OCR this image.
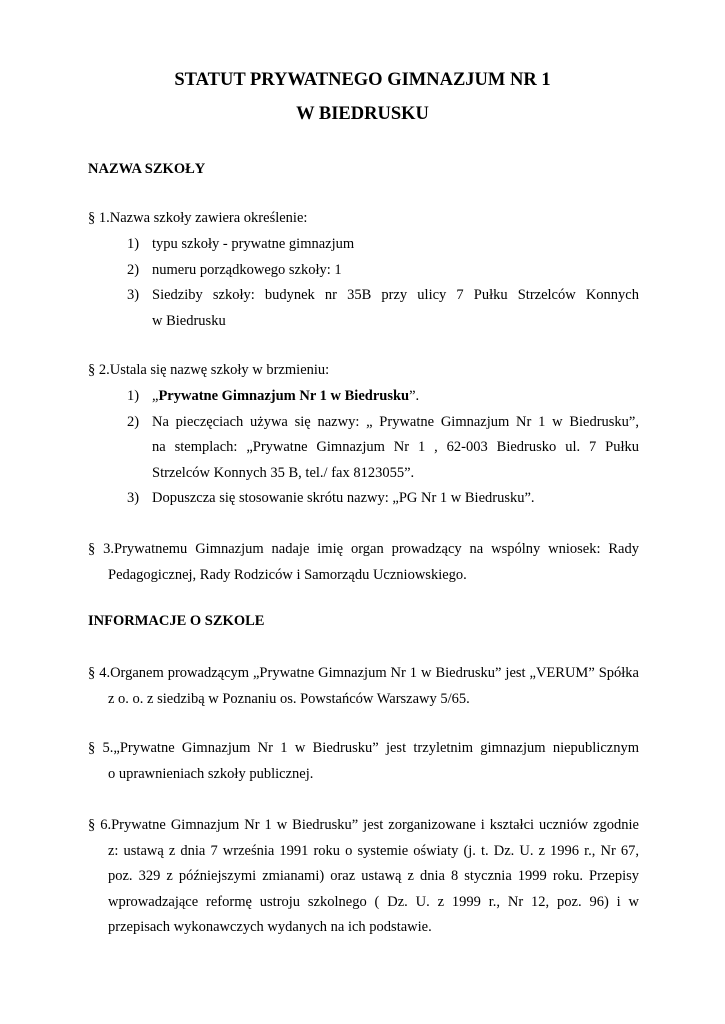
STATUT PRYWATNEGO GIMNAZJUM NR 1
W BIEDRUSKU
NAZWA SZKOŁY

§ 1.Nazwa szkoły zawiera określenie:

1) typu szkoły - prywatne gimnazjum
2) numeru porządkowego szkoły: 1
3) Siedziby szkoły: budynek nr 35B przy ulicy 7 Pułku Strzelców Konnych
w Biedrusku

§ 2.Ustala się nazwę szkoły w brzmieniu:

1) „Prywatne Gimnazjum Nr 1 w Biedrusku”.
2) Na pieczęciach używa się nazwy: „ Prywatne Gimnazjum Nr 1 w Biedrusku”,
na stemplach: „Prywatne Gimnazjum Nr 1 , 62-003 Biedrusko ul. 7 Pułku
Strzelców Konnych 35 B, tel./ fax 8123055”.
3) Dopuszcza się stosowanie skrótu nazwy: „PG Nr 1 w Biedrusku”.

§ 3.Prywatnemu Gimnazjum nadaje imię organ prowadzący na wspólny wniosek: Rady
Pedagogicznej, Rady Rodziców i Samorządu Uczniowskiego.

INFORMACJE O SZKOLE

§ 4.Organem prowadzącym „Prywatne Gimnazjum Nr 1 w Biedrusku” jest „VERUM” Spółka
z o. o. z siedzibą w Poznaniu os. Powstańców Warszawy 5/65.

§ 5.„Prywatne Gimnazjum Nr 1 w Biedrusku” jest trzyletnim gimnazjum niepublicznym
o uprawnieniach szkoły publicznej.

§ 6.Prywatne Gimnazjum Nr 1 w Biedrusku” jest zorganizowane i kształci uczniów zgodnie
z: ustawą z dnia 7 września 1991 roku o systemie oświaty (j. t. Dz. U. z 1996 r., Nr 67,
poz. 329 z późniejszymi zmianami) oraz ustawą z dnia 8 stycznia 1999 roku. Przepisy
wprowadzające reformę ustroju szkolnego ( Dz. U. z 1999 r., Nr 12, poz. 96) i w
przepisach wykonawczych wydanych na ich podstawie.
